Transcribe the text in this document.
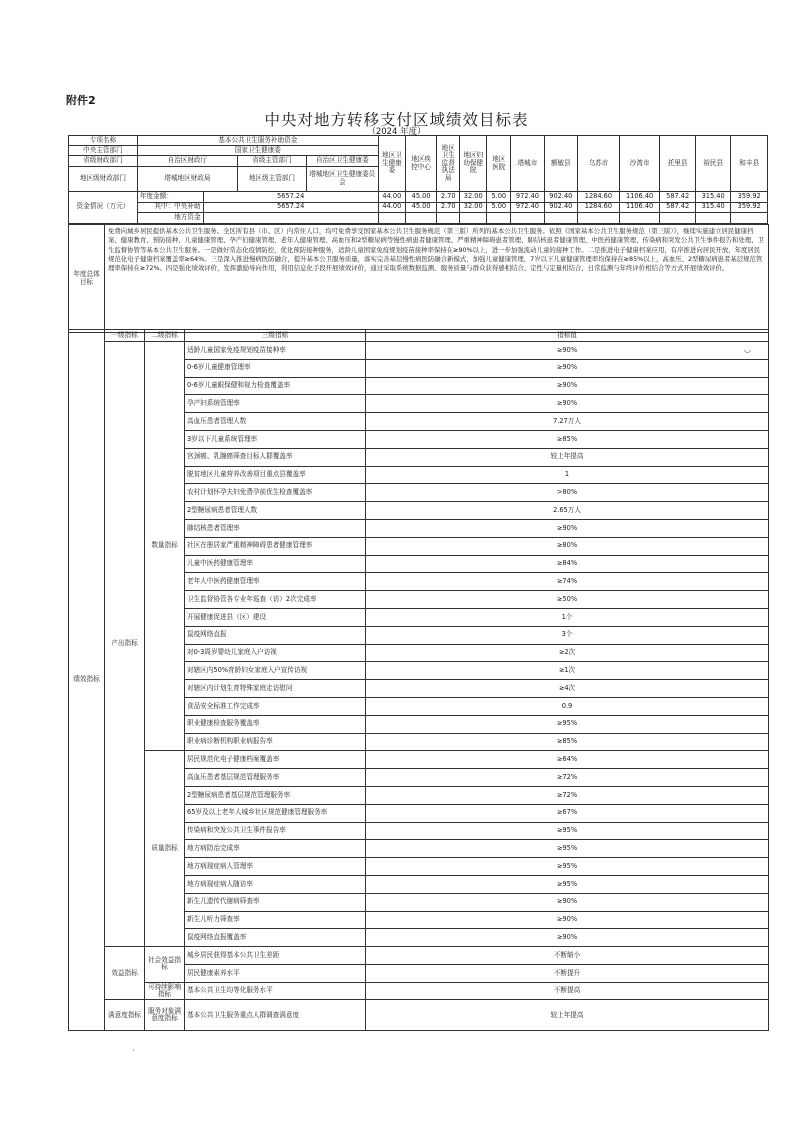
附件2
中央对地方转移支付区域绩效目标表
（2024 年度）
专项名称	基本公共卫生服务补助资金				地区卫生健康委	地区疾控中心	地区卫生监督执法局	地区妇幼保健院	地区医院	塔城市	额敏县	乌苏市	沙湾市	托里县	裕民县	和丰县
中央主管部门	国家卫生健康委															
省级财政部门	自治区财政厅		省级主管部门	自治区卫生健康委												
地区级财政部门	塔城地区财政局		地区级主管部门	塔城地区卫生健康委员会												
资金情况（万元）	年度金额：	5657.24			44.00	45.00	2.70	32.00	5.00	972.40	902.40	1284.60	1106.40	587.42	315.40	359.92
	其中：中央补助	5657.24			44.00	45.00	2.70	32.00	5.00	972.40	902.40	1284.60	1106.40	587.42	315.40	359.92
	地方资金															
年度总体目标	免费向城乡居民提供基本公共卫生服务。全区所有县（市、区）内常住人口，均可免费享受国家基本公共卫生服务规范（第三版）所列的基本公共卫生服务。依照《国家基本公共卫生服务规范（第三版）》，继续实施建立居民健康档案、健康教育、预防接种、儿童健康管理、孕产妇健康管理、老年人健康管理、高血压和2型糖尿病等慢性病患者健康管理、严重精神障碍患者管理、肺结核患者健康管理、中医药健康管理、传染病和突发公共卫生事件报告和处理、卫生监督协管等基本公共卫生服务。一是做好常态化疫情防控，优化预防接种服务，适龄儿童国家免疫规划疫苗接种率保持在≥90%以上，进一步加强流动儿童的接种工作。二是推进电子健康档案应用，有序推进向居民开放，年度居民规范化电子健康档案覆盖率≥64%。三是深入推进慢病医防融合，提升基本公卫服务质量，落实完善基层慢性病医防融合新模式，加强儿童健康管理，7岁以下儿童健康管理率均保持在≥85%以上，高血压、2型糖尿病患者基层规范管理率保持在≥72%。四是强化绩效评价，发挥激励导向作用，利用信息化手段开展绩效评价，通过采取系统数据监测、服务质量与群众获得感相结合、定性与定量相结合、日常监测与年终评价相结合等方式开展绩效评价。
绩效指标	一级指标	二级指标	三级指标	指标值
	产出指标	数量指标	适龄儿童国家免疫规划疫苗接种率	≥90%
			0-6岁儿童健康管理率	≥90%
			0-6岁儿童眼保健和视力检查覆盖率	≥90%
			孕产妇系统管理率	≥90%
			高血压患者管理人数	7.27万人
			3岁以下儿童系统管理率	≥85%
			宫颈癌、乳腺癌筛查目标人群覆盖率	较上年提高
			脱贫地区儿童营养改善项目重点县覆盖率	1
			农村计划怀孕夫妇免费孕前优生检查覆盖率	>80%
			2型糖尿病患者管理人数	2.65万人
			肺结核患者管理率	≥90%
			社区在册居家严重精神障碍患者健康管理率	≥80%
			儿童中医药健康管理率	≥84%
			老年人中医药健康管理率	≥74%
			卫生监督协管各专业年巡查（访）2次完成率	≥50%
			开展健康促进县（区）建设	1个
			鼠疫网络直报	3个
			对0-3周岁婴幼儿家庭入户访视	≥2次
			对辖区内50%育龄妇女家庭入户宣传访视	≥1次
			对辖区内计划生育特殊家庭走访慰问	≥4次
			食品安全标准工作完成率	0.9
			职业健康检查服务覆盖率	≥95%
			职业病诊断机构职业病报告率	≥85%
		质量指标	居民规范化电子健康档案覆盖率	≥64%
			高血压患者基层规范管理服务率	≥72%
			2型糖尿病患者基层规范管理服务率	≥72%
			65岁及以上老年人城乡社区规范健康管理服务率	≥67%
			传染病和突发公共卫生事件报告率	≥95%
			地方病防治完成率	≥95%
			地方病现症病人管理率	≥95%
			地方病现症病人随访率	≥95%
			新生儿遗传代谢病筛查率	≥90%
			新生儿听力筛查率	≥90%
			鼠疫网络直报覆盖率	≥90%
	效益指标	社会效益指标	城乡居民获得基本公共卫生差距	不断缩小
			居民健康素养水平	不断提升
		可持续影响指标	基本公共卫生均等化服务水平	不断提高
	满意度指标	服务对象满意度指标	基本公共卫生服务重点人群调查满意度	较上年提高
◡
·
